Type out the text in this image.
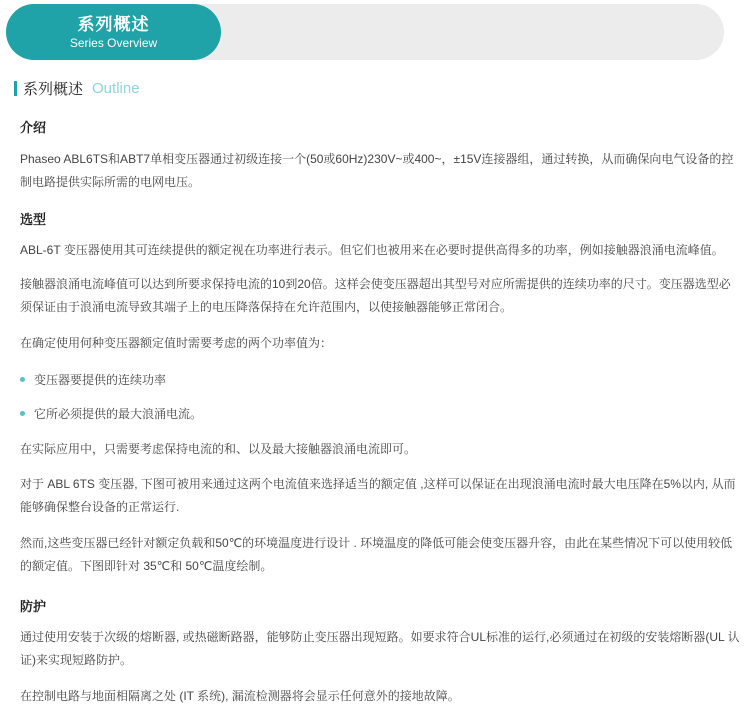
系列概述
Series Overview
系列概述 Outline
介绍
Phaseo ABL6TS和ABT7单相变压器通过初级连接一个(50或60Hz)230V~或400~，±15V连接器组，通过转换，从而确保向电气设备的控制电路提供实际所需的电网电压。
选型
ABL-6T 变压器使用其可连续提供的额定视在功率进行表示。但它们也被用来在必要时提供高得多的功率，例如接触器浪涌电流峰值。
接触器浪涌电流峰值可以达到所要求保持电流的10到20倍。这样会使变压器超出其型号对应所需提供的连续功率的尺寸。变压器选型必须保证由于浪涌电流导致其端子上的电压降落保持在允许范围内，以使接触器能够正常闭合。
在确定使用何种变压器额定值时需要考虑的两个功率值为：
变压器要提供的连续功率
它所必须提供的最大浪涌电流。
在实际应用中，只需要考虑保持电流的和、以及最大接触器浪涌电流即可。
对于 ABL 6TS 变压器, 下图可被用来通过这两个电流值来选择适当的额定值 ,这样可以保证在出现浪涌电流时最大电压降在5%以内, 从而能够确保整台设备的正常运行.
然而,这些变压器已经针对额定负载和50℃的环境温度进行设计 . 环境温度的降低可能会使变压器升容，由此在某些情况下可以使用较低的额定值。下图即针对 35℃和 50℃温度绘制。
防护
通过使用安装于次级的熔断器, 或热磁断路器，能够防止变压器出现短路。如要求符合UL标准的运行,必须通过在初级的安装熔断器(UL 认证)来实现短路防护。
在控制电路与地面相隔离之处 (IT 系统), 漏流检测器将会显示任何意外的接地故障。
